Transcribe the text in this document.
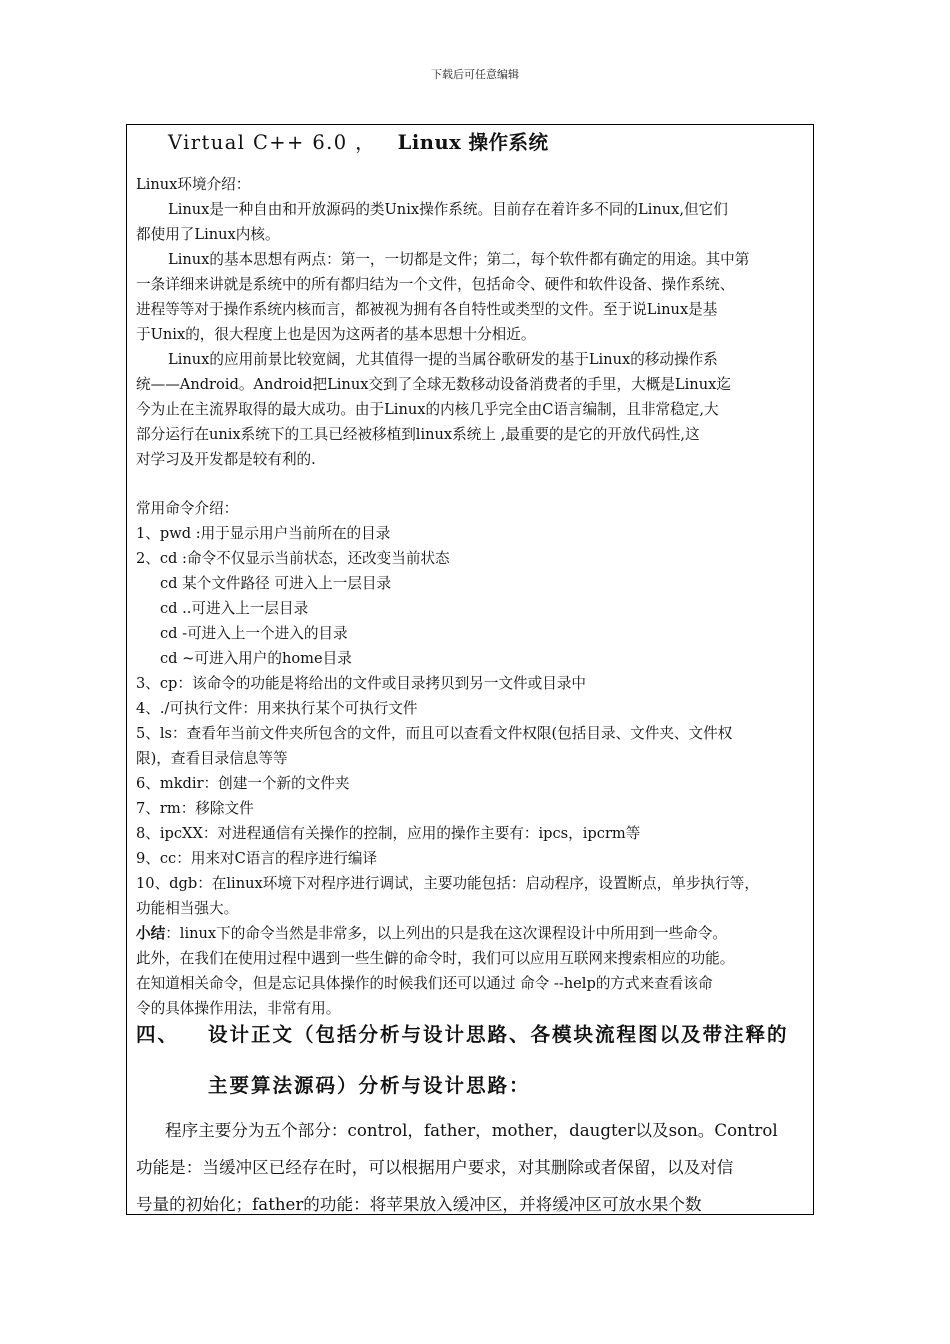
下载后可任意编辑
Virtual C++ 6.0 ， Linux 操作系统
Linux环境介绍：
Linux是一种自由和开放源码的类Unix操作系统。目前存在着许多不同的Linux,但它们
都使用了Linux内核。
Linux的基本思想有两点：第一，一切都是文件；第二，每个软件都有确定的用途。其中第
一条详细来讲就是系统中的所有都归结为一个文件，包括命令、硬件和软件设备、操作系统、
进程等等对于操作系统内核而言，都被视为拥有各自特性或类型的文件。至于说Linux是基
于Unix的，很大程度上也是因为这两者的基本思想十分相近。
Linux的应用前景比较宽阔，尤其值得一提的当属谷歌研发的基于Linux的移动操作系
统——Android。Android把Linux交到了全球无数移动设备消费者的手里，大概是Linux迄
今为止在主流界取得的最大成功。由于Linux的内核几乎完全由C语言编制，且非常稳定,大
部分运行在unix系统下的工具已经被移植到linux系统上 ,最重要的是它的开放代码性,这
对学习及开发都是较有利的.
常用命令介绍：
1、pwd :用于显示用户当前所在的目录
2、cd :命令不仅显示当前状态，还改变当前状态
cd 某个文件路径 可进入上一层目录
cd ..可进入上一层目录
cd -可进入上一个进入的目录
cd ~可进入用户的home目录
3、cp：该命令的功能是将给出的文件或目录拷贝到另一文件或目录中
4、./可执行文件：用来执行某个可执行文件
5、ls：查看年当前文件夹所包含的文件，而且可以查看文件权限(包括目录、文件夹、文件权
限)，查看目录信息等等
6、mkdir：创建一个新的文件夹
7、rm：移除文件
8、ipcXX：对进程通信有关操作的控制，应用的操作主要有：ipcs，ipcrm等
9、cc：用来对C语言的程序进行编译
10、dgb：在linux环境下对程序进行调试，主要功能包括：启动程序，设置断点，单步执行等，
功能相当强大。
小结：linux下的命令当然是非常多，以上列出的只是我在这次课程设计中所用到一些命令。
此外，在我们在使用过程中遇到一些生僻的命令时，我们可以应用互联网来搜索相应的功能。
在知道相关命令，但是忘记具体操作的时候我们还可以通过 命令 --help的方式来查看该命
令的具体操作用法，非常有用。
四、 设计正文（包括分析与设计思路、各模块流程图以及带注释的
主要算法源码）分析与设计思路：
程序主要分为五个部分：control，father，mother，daugter以及son。Control
功能是：当缓冲区已经存在时，可以根据用户要求，对其删除或者保留，以及对信
号量的初始化；father的功能：将苹果放入缓冲区，并将缓冲区可放水果个数
